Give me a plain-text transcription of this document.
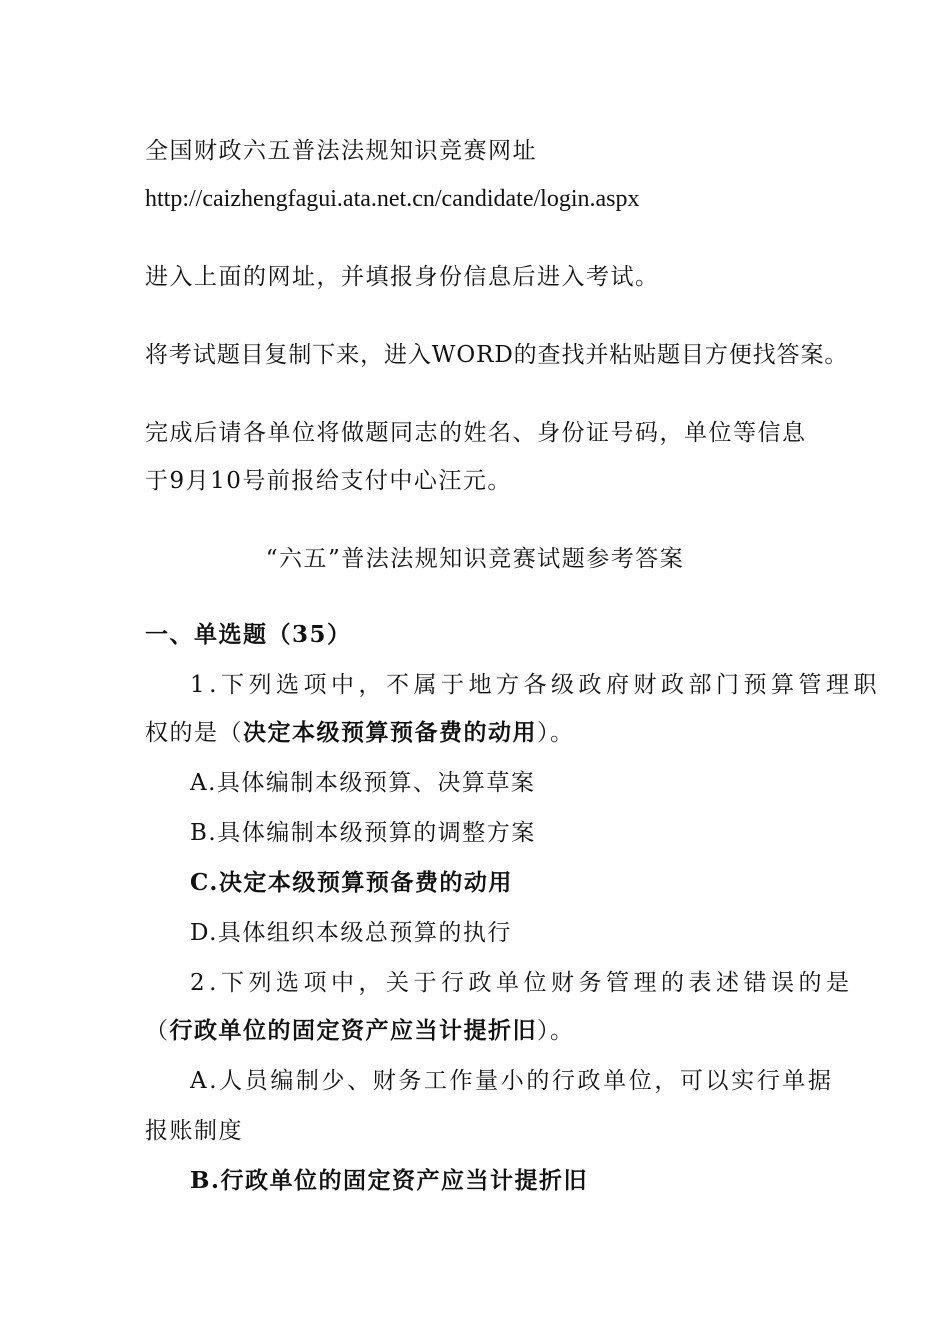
全国财政六五普法法规知识竞赛网址

http://caizhengfagui.ata.net.cn/candidate/login.aspx

进入上面的网址，并填报身份信息后进入考试。

将考试题目复制下来，进入WORD的查找并粘贴题目方便找答案。

完成后请各单位将做题同志的姓名、身份证号码，单位等信息

于9月10号前报给支付中心汪元。

“六五”普法法规知识竞赛试题参考答案

一、单选题（35）

1.下列选项中，不属于地方各级政府财政部门预算管理职

权的是（决定本级预算预备费的动用）。

A.具体编制本级预算、决算草案

B.具体编制本级预算的调整方案

C.决定本级预算预备费的动用

D.具体组织本级总预算的执行

2.下列选项中，关于行政单位财务管理的表述错误的是

（行政单位的固定资产应当计提折旧）。

A.人员编制少、财务工作量小的行政单位，可以实行单据

报账制度

B.行政单位的固定资产应当计提折旧
